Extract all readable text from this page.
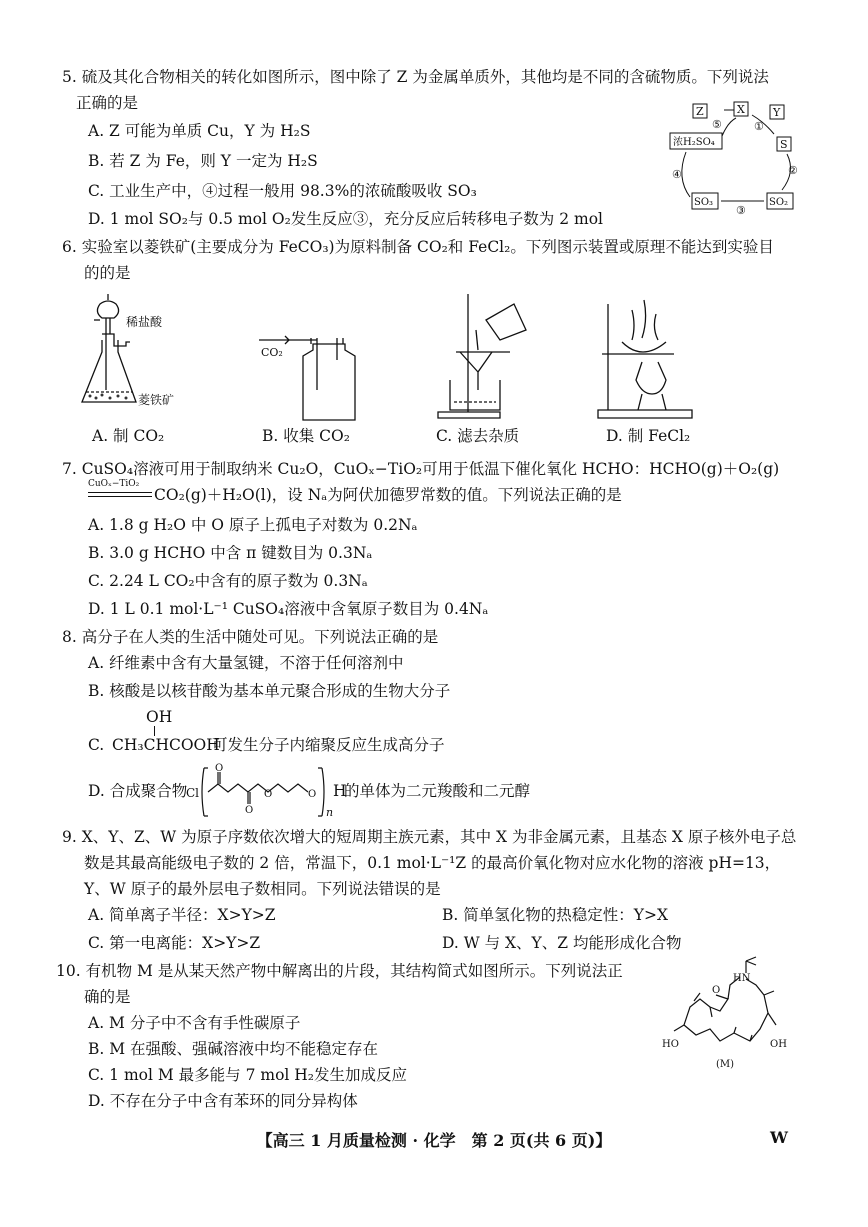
5. 硫及其化合物相关的转化如图所示，图中除了 Z 为金属单质外，其他均是不同的含硫物质。下列说法
正确的是
A. Z 可能为单质 Cu，Y 为 H₂S
B. 若 Z 为 Fe，则 Y 一定为 H₂S
C. 工业生产中，④过程一般用 98.3%的浓硫酸吸收 SO₃
D. 1 mol SO₂与 0.5 mol O₂发生反应③，充分反应后转移电子数为 2 mol
Z	X	Y
S
浓H₂SO₄
SO₃	SO₂
①
②
③
④
⑤
6. 实验室以菱铁矿(主要成分为 FeCO₃)为原料制备 CO₂和 FeCl₂。下列图示装置或原理不能达到实验目
的的是
稀盐酸
菱铁矿
A. 制 CO₂
CO₂
B. 收集 CO₂	C. 滤去杂质	D. 制 FeCl₂
7. CuSO₄溶液可用于制取纳米 Cu₂O，CuOₓ−TiO₂可用于低温下催化氧化 HCHO：HCHO(g)＋O₂(g)
CuOₓ−TiO₂
CO₂(g)＋H₂O(l)，设 Nₐ为阿伏加德罗常数的值。下列说法正确的是
A. 1.8 g H₂O 中 O 原子上孤电子对数为 0.2Nₐ
B. 3.0 g HCHO 中含 π 键数目为 0.3Nₐ
C. 2.24 L CO₂中含有的原子数为 0.3Nₐ
D. 1 L 0.1 mol·L⁻¹ CuSO₄溶液中含氧原子数目为 0.4Nₐ
8. 高分子在人类的生活中随处可见。下列说法正确的是
A. 纤维素中含有大量氢键，不溶于任何溶剂中
B. 核酸是以核苷酸为基本单元聚合形成的生物大分子
OH
C. CH₃CHCOOH
可发生分子内缩聚反应生成高分子
D. 合成聚合物
Cl
O
O
O	O H
n
的单体为二元羧酸和二元醇
9. X、Y、Z、W 为原子序数依次增大的短周期主族元素，其中 X 为非金属元素，且基态 X 原子核外电子总
数是其最高能级电子数的 2 倍，常温下，0.1 mol·L⁻¹Z 的最高价氧化物对应水化物的溶液 pH=13，
Y、W 原子的最外层电子数相同。下列说法错误的是
A. 简单离子半径：X>Y>Z	B. 简单氢化物的热稳定性：Y>X
C. 第一电离能：X>Y>Z	D. W 与 X、Y、Z 均能形成化合物
10. 有机物 M 是从某天然产物中解离出的片段，其结构简式如图所示。下列说法正
确的是
A. M 分子中不含有手性碳原子
B. M 在强酸、强碱溶液中均不能稳定存在
C. 1 mol M 最多能与 7 mol H₂发生加成反应
D. 不存在分子中含有苯环的同分异构体
HN
O
HO	OH
(M)
【高三 1 月质量检测 · 化学　第 2 页(共 6 页)】	W
